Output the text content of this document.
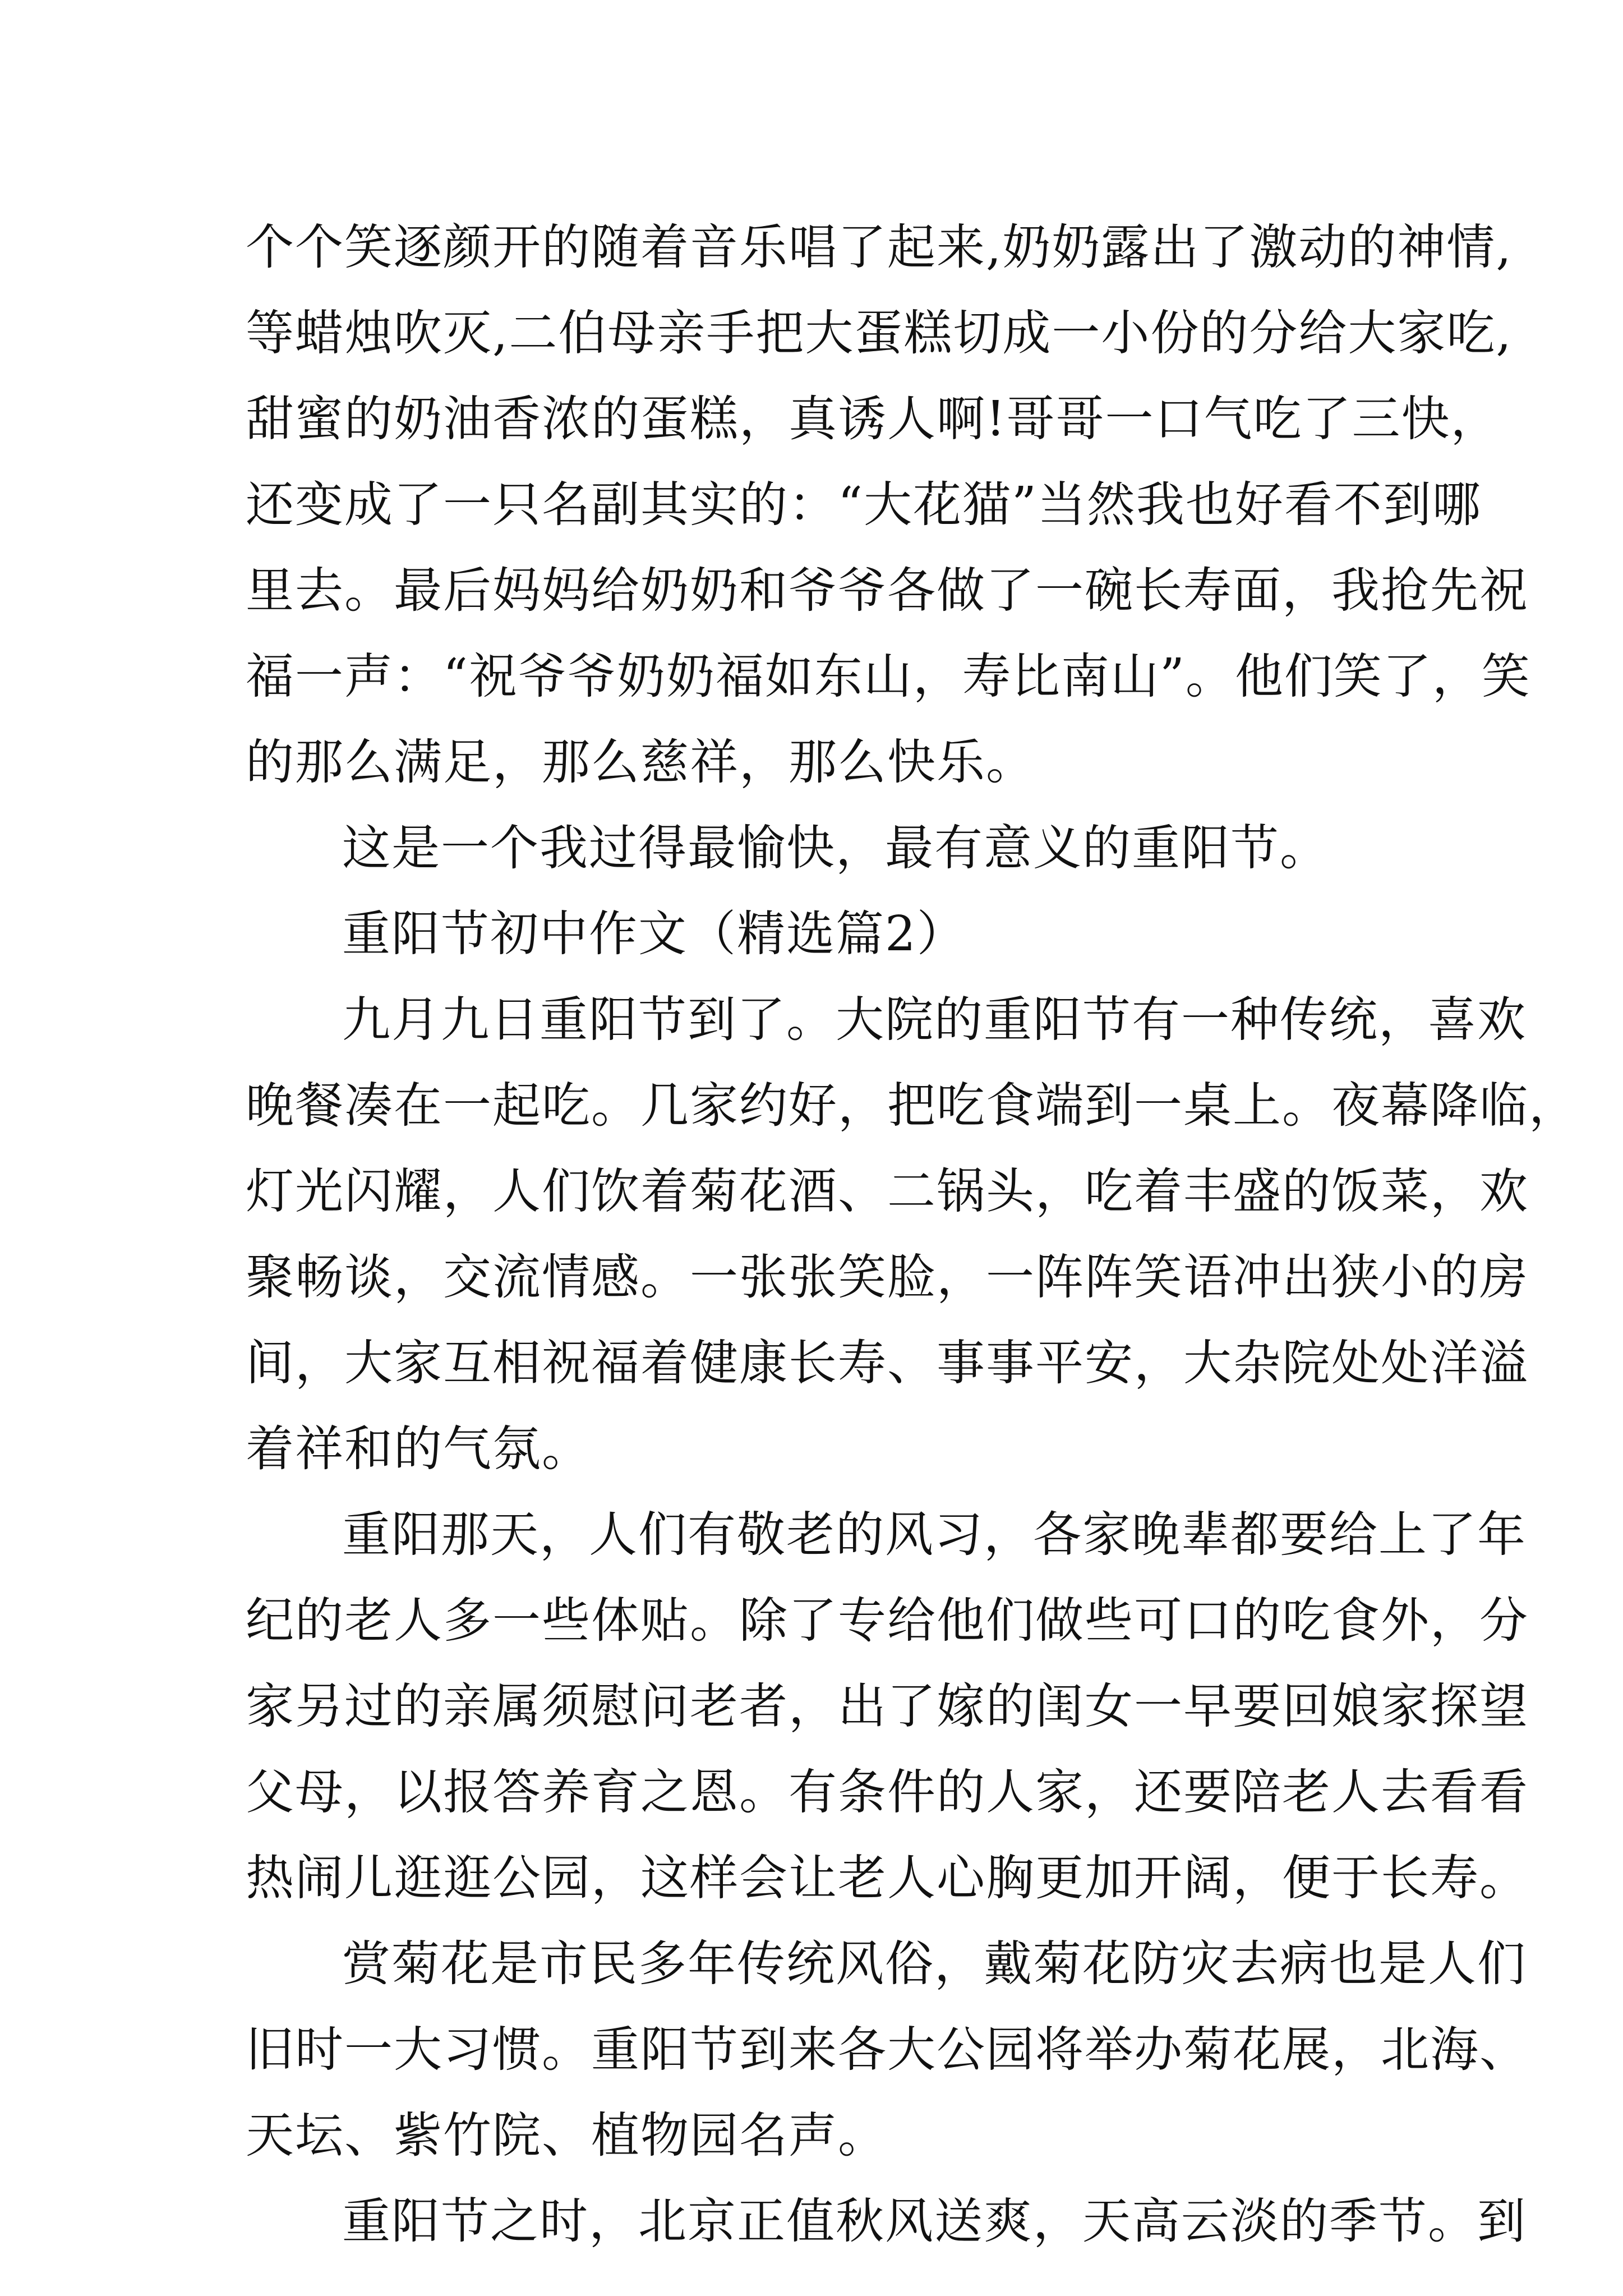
个个笑逐颜开的随着音乐唱了起来,奶奶露出了激动的神情,
等蜡烛吹灭,二伯母亲手把大蛋糕切成一小份的分给大家吃,
甜蜜的奶油香浓的蛋糕，真诱人啊!哥哥一口气吃了三快，
还变成了一只名副其实的：“大花猫”当然我也好看不到哪
里去。最后妈妈给奶奶和爷爷各做了一碗长寿面，我抢先祝
福一声：“祝爷爷奶奶福如东山，寿比南山”。他们笑了，笑
的那么满足，那么慈祥，那么快乐。
这是一个我过得最愉快，最有意义的重阳节。
重阳节初中作文（精选篇2）
九月九日重阳节到了。大院的重阳节有一种传统，喜欢
晚餐凑在一起吃。几家约好，把吃食端到一桌上。夜幕降临，
灯光闪耀，人们饮着菊花酒、二锅头，吃着丰盛的饭菜，欢
聚畅谈，交流情感。一张张笑脸，一阵阵笑语冲出狭小的房
间，大家互相祝福着健康长寿、事事平安，大杂院处处洋溢
着祥和的气氛。
重阳那天，人们有敬老的风习，各家晚辈都要给上了年
纪的老人多一些体贴。除了专给他们做些可口的吃食外，分
家另过的亲属须慰问老者，出了嫁的闺女一早要回娘家探望
父母，以报答养育之恩。有条件的人家，还要陪老人去看看
热闹儿逛逛公园，这样会让老人心胸更加开阔，便于长寿。
赏菊花是市民多年传统风俗，戴菊花防灾去病也是人们
旧时一大习惯。重阳节到来各大公园将举办菊花展，北海、
天坛、紫竹院、植物园名声。
重阳节之时，北京正值秋风送爽，天高云淡的季节。到
